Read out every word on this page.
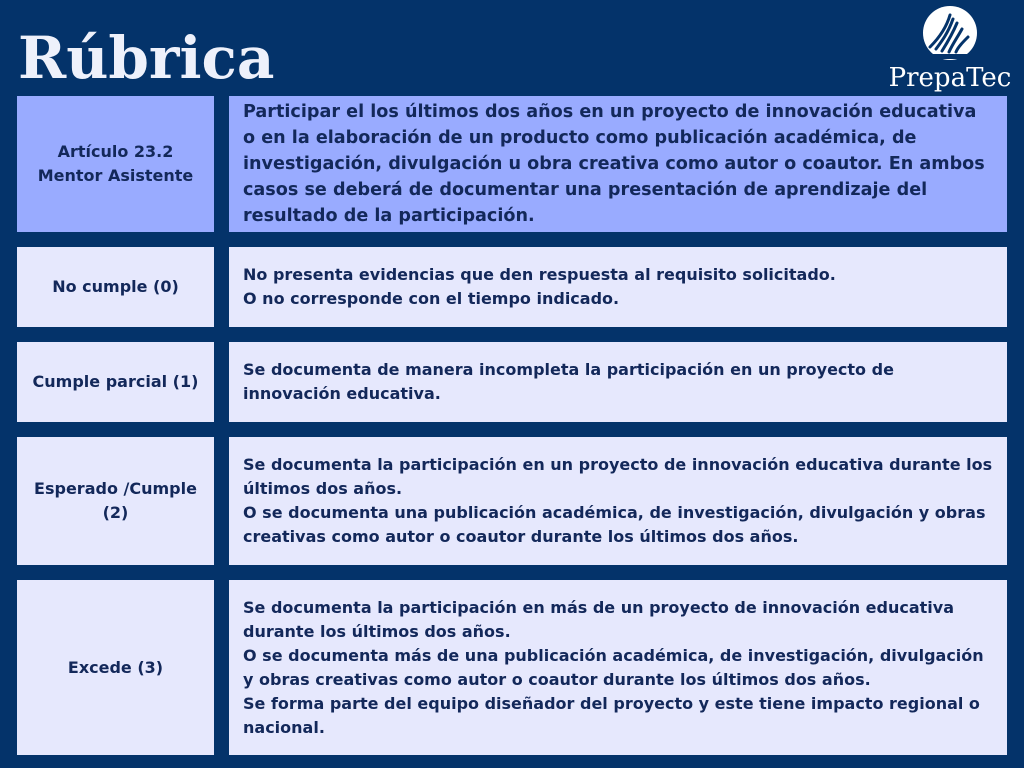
Rúbrica	PrepaTec
Artículo 23.2
Mentor Asistente
Participar el los últimos dos años en un proyecto de innovación educativa o en la elaboración de un producto como publicación académica, de investigación, divulgación u obra creativa como autor o coautor. En ambos casos se deberá de documentar una presentación de aprendizaje del resultado de la participación.
No cumple (0)
No presenta evidencias que den respuesta al requisito solicitado.
O no corresponde con el tiempo indicado.
Cumple parcial (1)
Se documenta de manera incompleta la participación en un proyecto de innovación educativa.
Esperado /Cumple (2)
Se documenta la participación en un proyecto de innovación educativa durante los últimos dos años.
O se documenta una publicación académica, de investigación, divulgación y obras creativas como autor o coautor durante los últimos dos años.
Excede (3)
Se documenta la participación en más de un proyecto de innovación educativa durante los últimos dos años.
O se documenta más de una publicación académica, de investigación, divulgación y obras creativas como autor o coautor durante los últimos dos años.
Se forma parte del equipo diseñador del proyecto y este tiene impacto regional o nacional.
